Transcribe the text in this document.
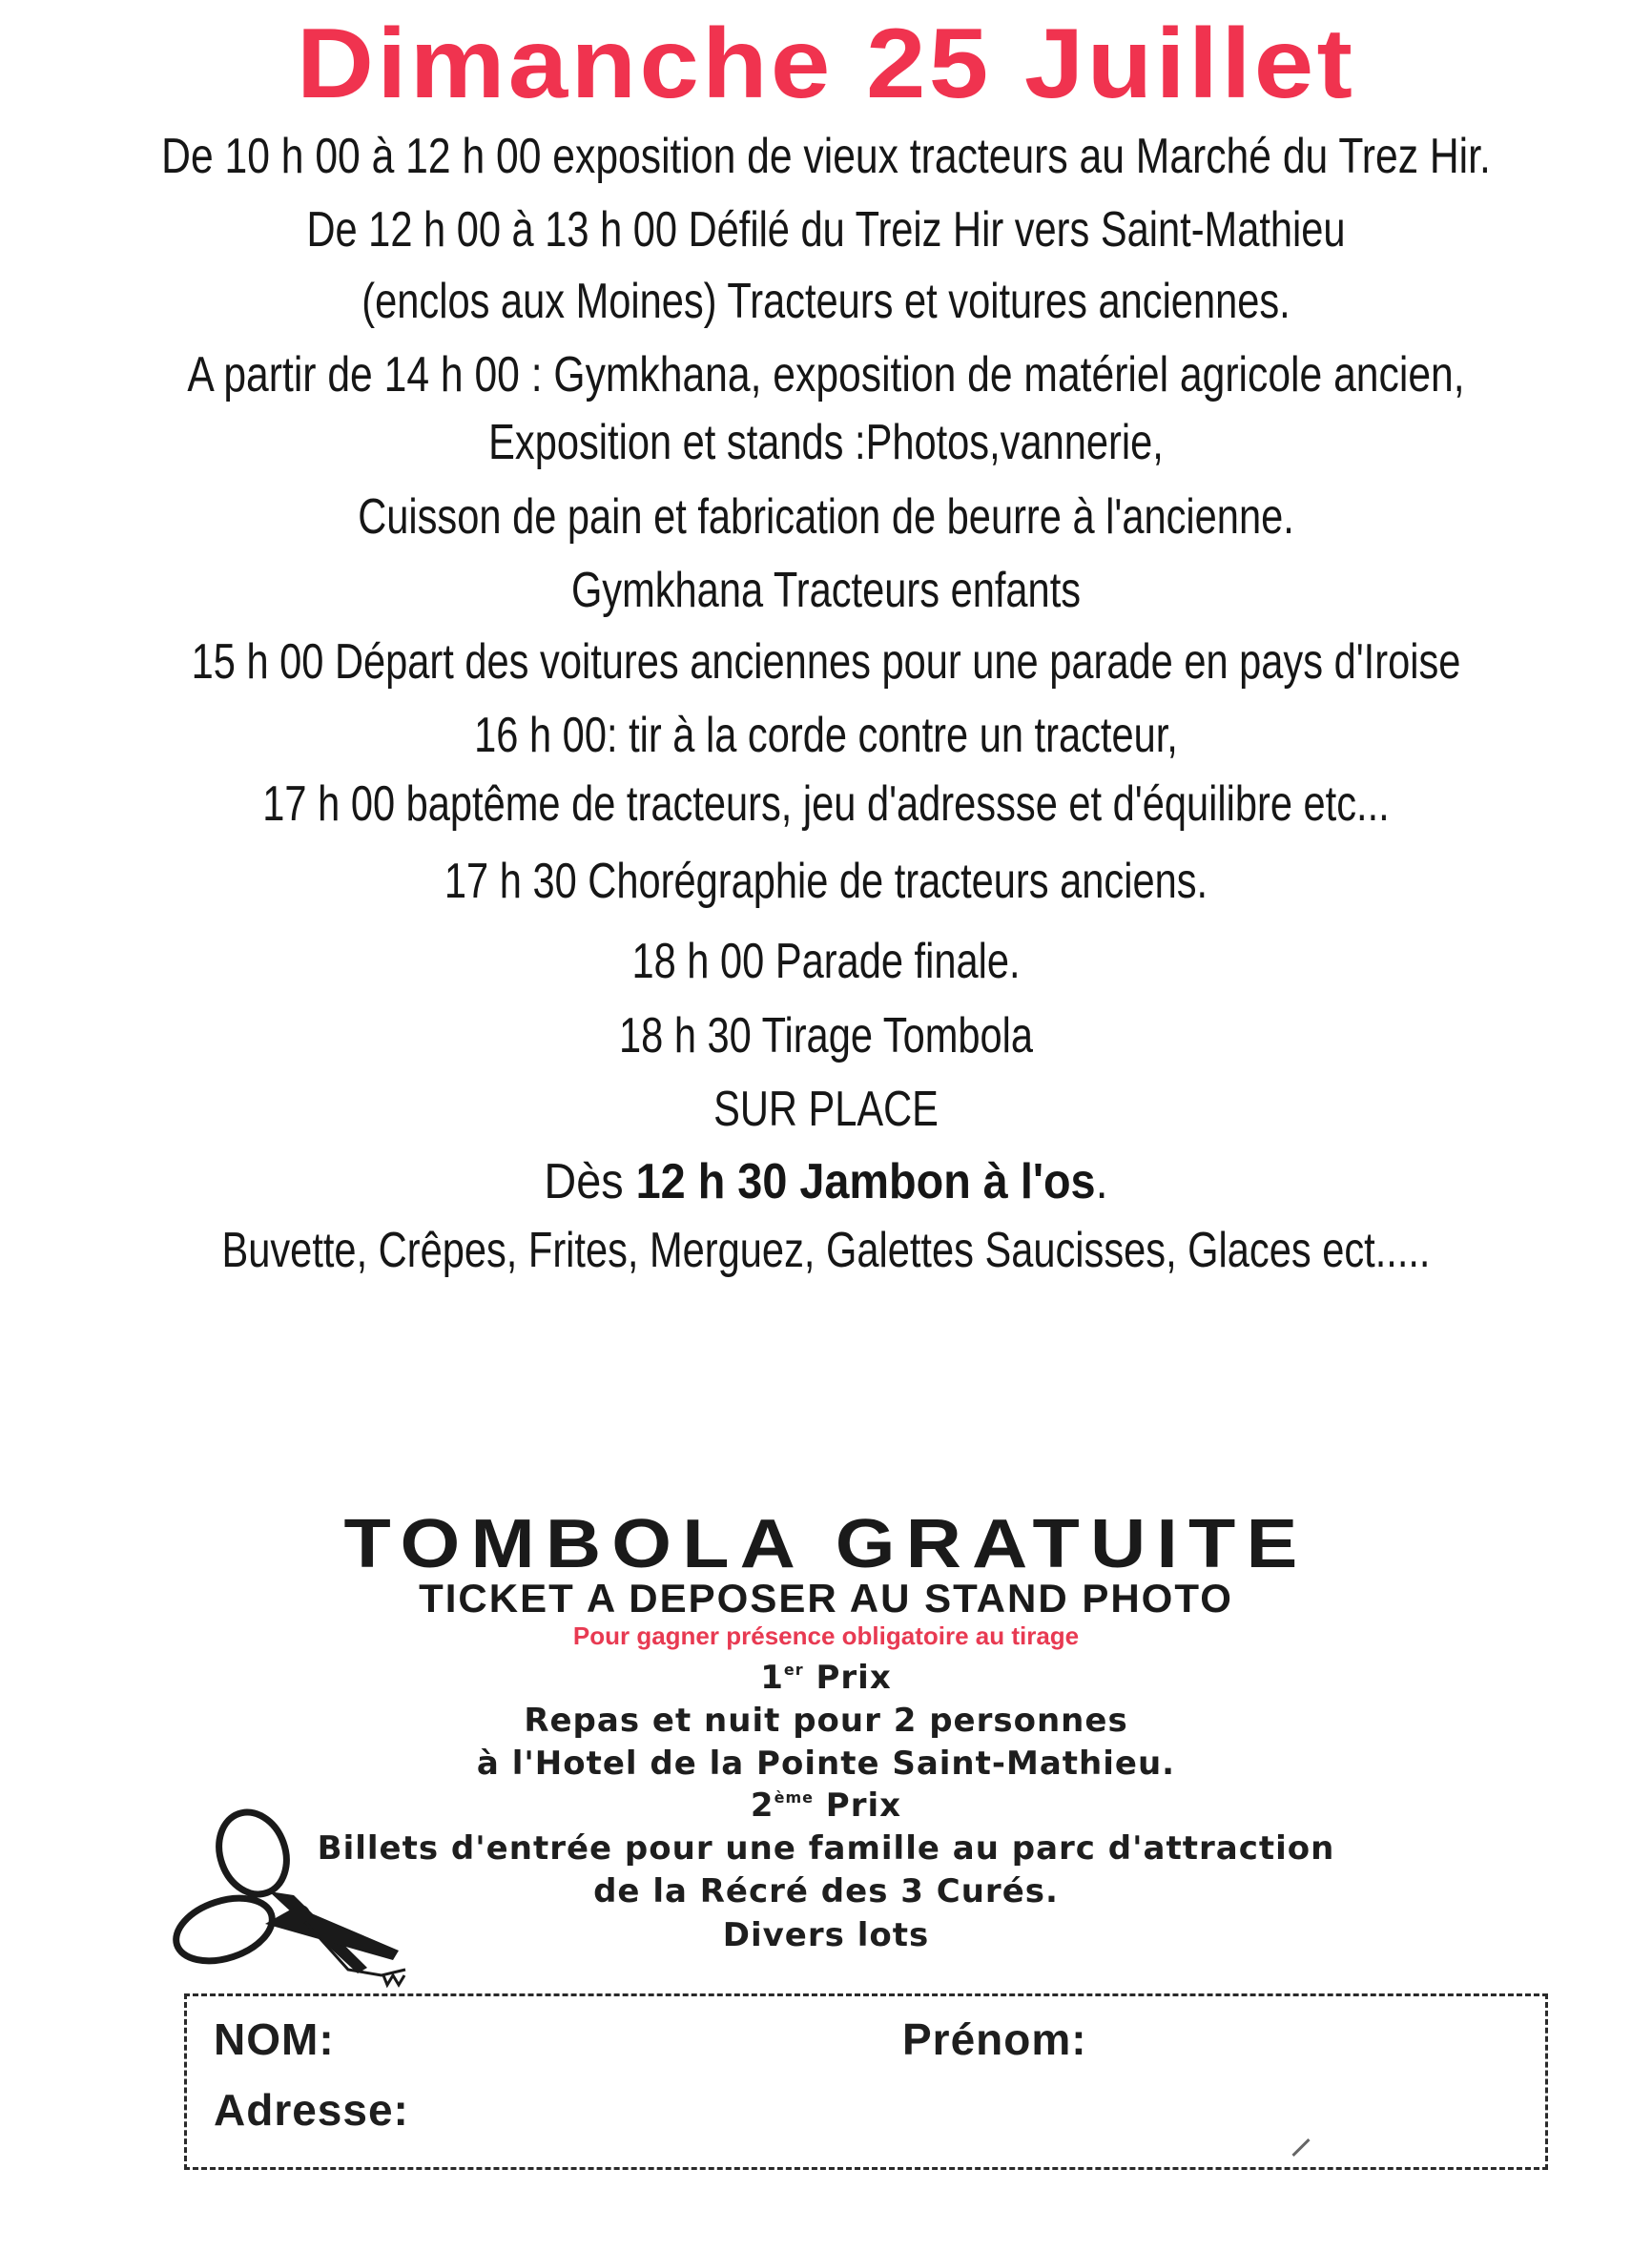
Dimanche 25 Juillet
De 10 h 00 à 12 h 00 exposition de vieux tracteurs au Marché du Trez Hir.
De 12 h 00 à 13 h 00 Défilé du Treiz Hir vers Saint-Mathieu
(enclos aux Moines) Tracteurs et voitures anciennes.
A partir de 14 h 00 : Gymkhana, exposition de matériel agricole ancien,
Exposition et stands :Photos,vannerie,
Cuisson de pain et fabrication de beurre à l'ancienne.
Gymkhana Tracteurs enfants
15 h 00 Départ des voitures anciennes pour une parade en pays d'Iroise
16 h 00: tir à la corde contre un tracteur,
17 h 00 baptême de tracteurs, jeu d'adressse et d'équilibre etc...
17 h 30 Chorégraphie de tracteurs anciens.
18 h 00 Parade finale.
18 h 30 Tirage Tombola
SUR PLACE
Dès 12 h 30 Jambon à l'os.
Buvette, Crêpes, Frites, Merguez, Galettes Saucisses, Glaces ect.....
TOMBOLA GRATUITE
TICKET A DEPOSER AU STAND PHOTO
Pour gagner présence obligatoire au tirage
1er Prix
Repas et nuit pour 2 personnes
à l'Hotel de la Pointe Saint-Mathieu.
2ème Prix
Billets d'entrée pour une famille au parc d'attraction
de la Récré des 3 Curés.
Divers lots
NOM:	Prénom:
Adresse:
